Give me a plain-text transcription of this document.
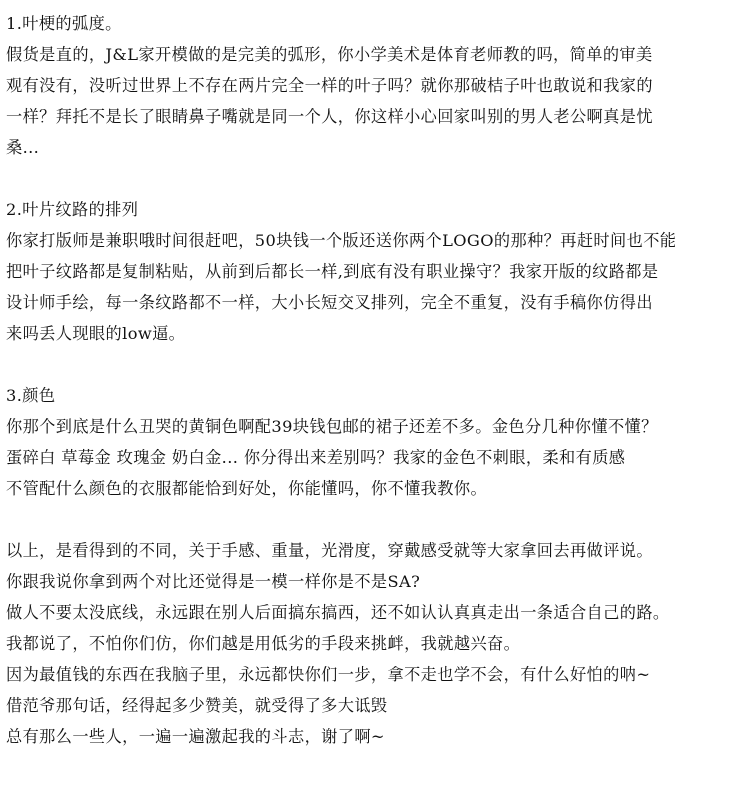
1.叶梗的弧度。
假货是直的，J&L家开模做的是完美的弧形，你小学美术是体育老师教的吗，简单的审美
观有没有，没听过世界上不存在两片完全一样的叶子吗？就你那破桔子叶也敢说和我家的
一样？拜托不是长了眼睛鼻子嘴就是同一个人，你这样小心回家叫别的男人老公啊真是忧
桑...
2.叶片纹路的排列
你家打版师是兼职哦时间很赶吧，50块钱一个版还送你两个LOGO的那种？再赶时间也不能
把叶子纹路都是复制粘贴，从前到后都长一样,到底有没有职业操守？我家开版的纹路都是
设计师手绘，每一条纹路都不一样，大小长短交叉排列，完全不重复，没有手稿你仿得出
来吗丢人现眼的low逼。
3.颜色
你那个到底是什么丑哭的黄铜色啊配39块钱包邮的裙子还差不多。金色分几种你懂不懂？
蛋碎白 草莓金 玫瑰金 奶白金... 你分得出来差别吗？我家的金色不刺眼，柔和有质感
不管配什么颜色的衣服都能恰到好处，你能懂吗，你不懂我教你。
以上，是看得到的不同，关于手感、重量，光滑度，穿戴感受就等大家拿回去再做评说。
你跟我说你拿到两个对比还觉得是一模一样你是不是SA?
做人不要太没底线，永远跟在别人后面搞东搞西，还不如认认真真走出一条适合自己的路。
我都说了，不怕你们仿，你们越是用低劣的手段来挑衅，我就越兴奋。
因为最值钱的东西在我脑子里，永远都快你们一步，拿不走也学不会，有什么好怕的呐~
借范爷那句话，经得起多少赞美，就受得了多大诋毁
总有那么一些人，一遍一遍激起我的斗志，谢了啊~
